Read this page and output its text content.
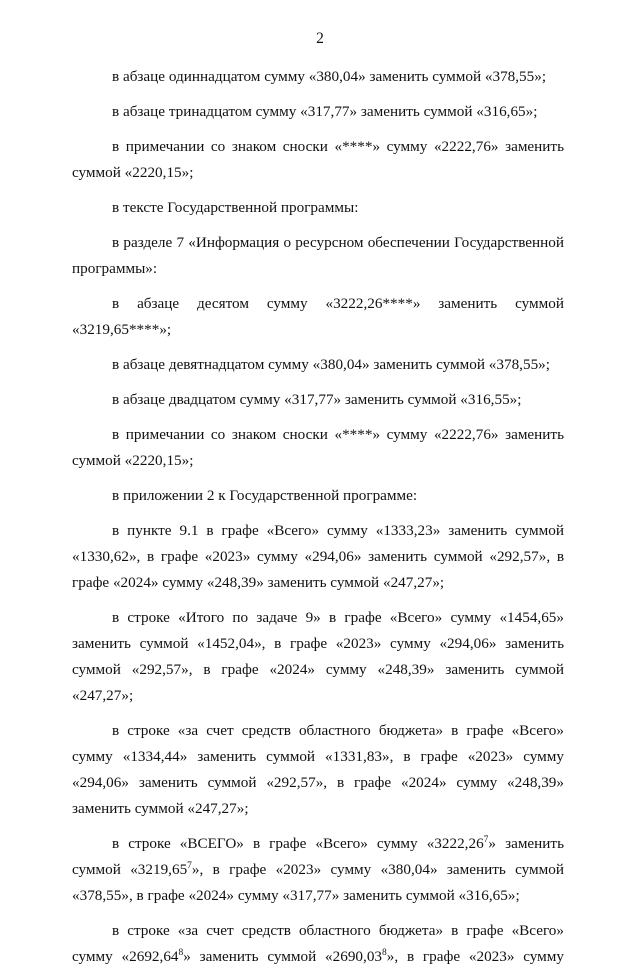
2

в абзаце одиннадцатом сумму «380,04» заменить суммой «378,55»;

в абзаце тринадцатом сумму «317,77» заменить суммой «316,65»;

в примечании со знаком сноски «****» сумму «2222,76» заменить суммой «2220,15»;

в тексте Государственной программы:

в разделе 7 «Информация о ресурсном обеспечении Государственной программы»:

в абзаце десятом сумму «3222,26****» заменить суммой «3219,65****»;

в абзаце девятнадцатом сумму «380,04» заменить суммой «378,55»;

в абзаце двадцатом сумму «317,77» заменить суммой «316,55»;

в примечании со знаком сноски «****» сумму «2222,76» заменить суммой «2220,15»;

в приложении 2 к Государственной программе:

в пункте 9.1 в графе «Всего» сумму «1333,23» заменить суммой «1330,62», в графе «2023» сумму «294,06» заменить суммой «292,57», в графе «2024» сумму «248,39» заменить суммой «247,27»;

в строке «Итого по задаче 9» в графе «Всего» сумму «1454,65» заменить суммой «1452,04», в графе «2023» сумму «294,06» заменить суммой «292,57», в графе «2024» сумму «248,39» заменить суммой «247,27»;

в строке «за счет средств областного бюджета» в графе «Всего» сумму «1334,44» заменить суммой «1331,83», в графе «2023» сумму «294,06» заменить суммой «292,57», в графе «2024» сумму «248,39» заменить суммой «247,27»;

в строке «ВСЕГО» в графе «Всего» сумму «3222,26$^7$» заменить суммой «3219,65$^7$», в графе «2023» сумму «380,04» заменить суммой «378,55», в графе «2024» сумму «317,77» заменить суммой «316,65»;

в строке «за счет средств областного бюджета» в графе «Всего» сумму «2692,64$^8$» заменить суммой «2690,03$^8$», в графе «2023» сумму
